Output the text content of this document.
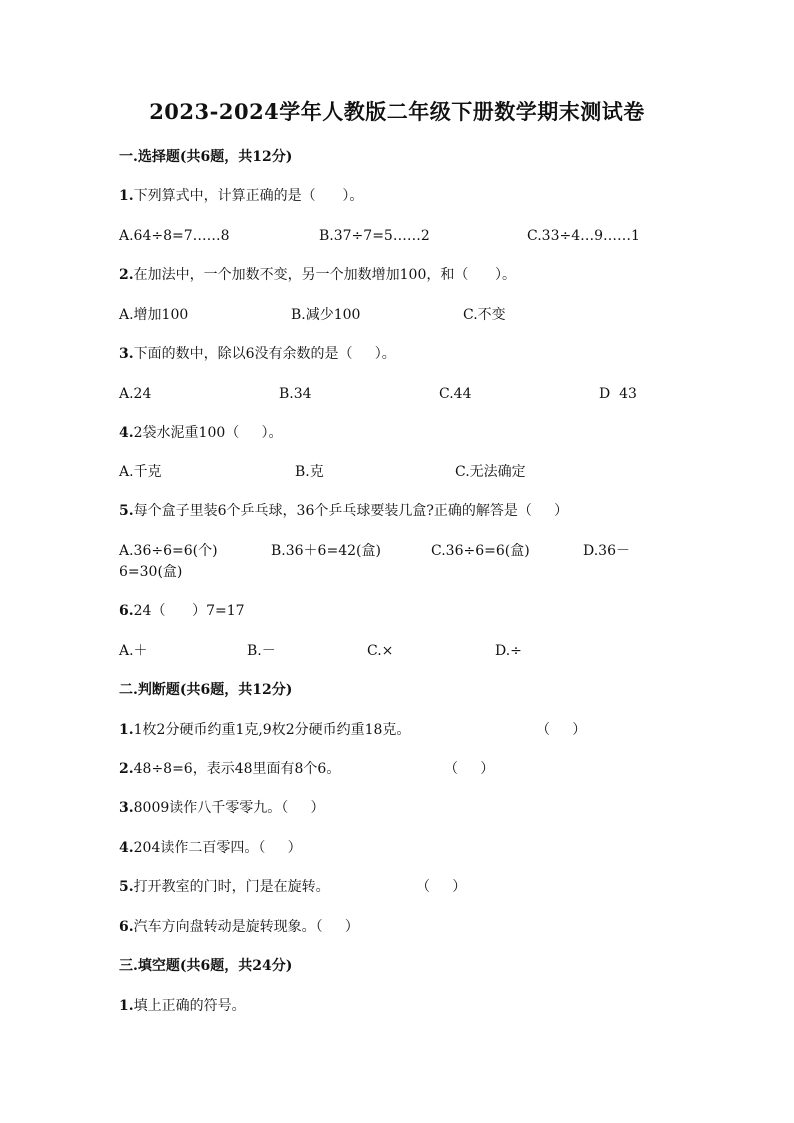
2023-2024学年人教版二年级下册数学期末测试卷
一.选择题(共6题，共12分)
1.下列算式中，计算正确的是（      ）。
A.64÷8=7……8	B.37÷7=5……2	C.33÷4…9……1
2.在加法中，一个加数不变，另一个加数增加100，和（      ）。
A.增加100	B.减少100	C.不变
3.下面的数中，除以6没有余数的是（     ）。
A.24	B.34	C.44	D  43
4.2袋水泥重100（     ）。
A.千克	B.克	C.无法确定
5.每个盒子里装6个乒乓球，36个乒乓球要装几盒?正确的解答是（     ）
A.36÷6=6(个)	B.36＋6=42(盒)	C.36÷6=6(盒)	D.36－
6=30(盒)
6.24（      ）7=17
A.＋	B.－	C.×	D.÷
二.判断题(共6题，共12分)
1.1枚2分硬币约重1克,9枚2分硬币约重18克。	（     ）
2.48÷8=6，表示48里面有8个6。	（     ）
3.8009读作八千零零九。（     ）
4.204读作二百零四。（     ）
5.打开教室的门时，门是在旋转。	（     ）
6.汽车方向盘转动是旋转现象。（     ）
三.填空题(共6题，共24分)
1.填上正确的符号。
